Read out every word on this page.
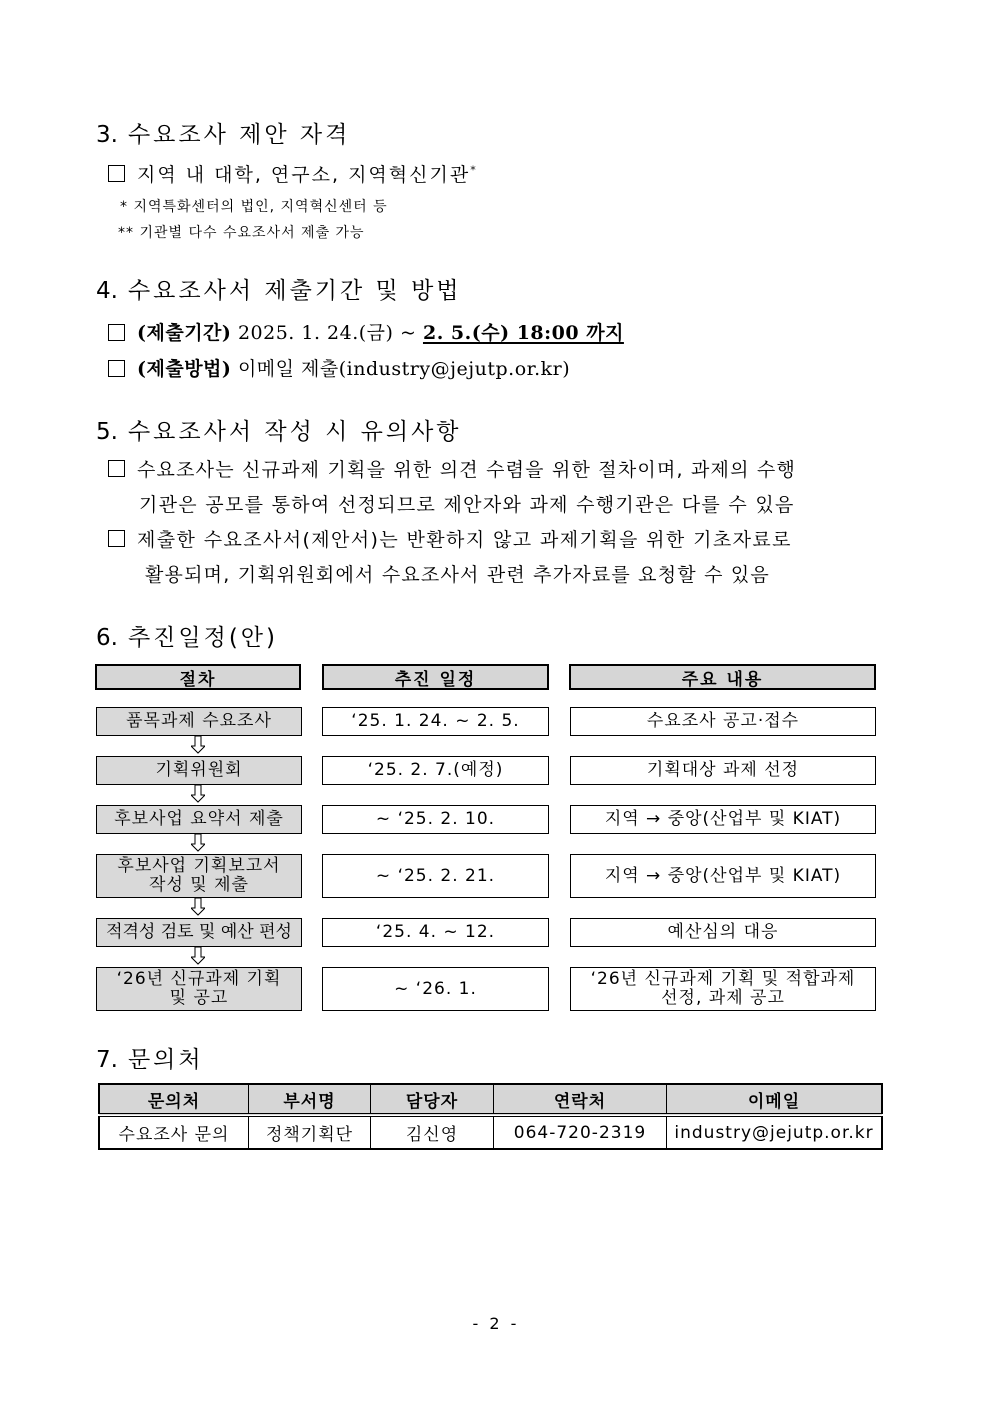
3. 수요조사 제안 자격
지역 내 대학, 연구소, 지역혁신기관*
* 지역특화센터의 법인, 지역혁신센터 등
** 기관별 다수 수요조사서 제출 가능
4. 수요조사서 제출기간 및 방법
(제출기간) 2025. 1. 24.(금) ~ 2. 5.(수) 18:00 까지
(제출방법) 이메일 제출(industry@jejutp.or.kr)
5. 수요조사서 작성 시 유의사항
수요조사는 신규과제 기획을 위한 의견 수렴을 위한 절차이며, 과제의 수행
기관은 공모를 통하여 선정되므로 제안자와 과제 수행기관은 다를 수 있음
제출한 수요조사서(제안서)는 반환하지 않고 과제기획을 위한 기초자료로
활용되며, 기획위원회에서 수요조사서 관련 추가자료를 요청할 수 있음
6. 추진일정(안)
절차	추진 일정	주요 내용
품목과제 수요조사	‘25. 1. 24. ~ 2. 5.	수요조사 공고·접수
기획위원회	‘25. 2. 7.(예정)	기획대상 과제 선정
후보사업 요약서 제출	~ ‘25. 2. 10.	지역 → 중앙(산업부 및 KIAT)
후보사업 기획보고서
작성 및 제출	~ ‘25. 2. 21.	지역 → 중앙(산업부 및 KIAT)
적격성 검토 및 예산 편성	‘25. 4. ~ 12.	예산심의 대응
‘26년 신규과제 기획
및 공고	~ ‘26. 1.	‘26년 신규과제 기획 및 적합과제
선정, 과제 공고
7. 문의처
문의처	부서명	담당자	연락처	이메일
수요조사 문의	정책기획단	김신영	064-720-2319	industry@jejutp.or.kr
- 2 -
